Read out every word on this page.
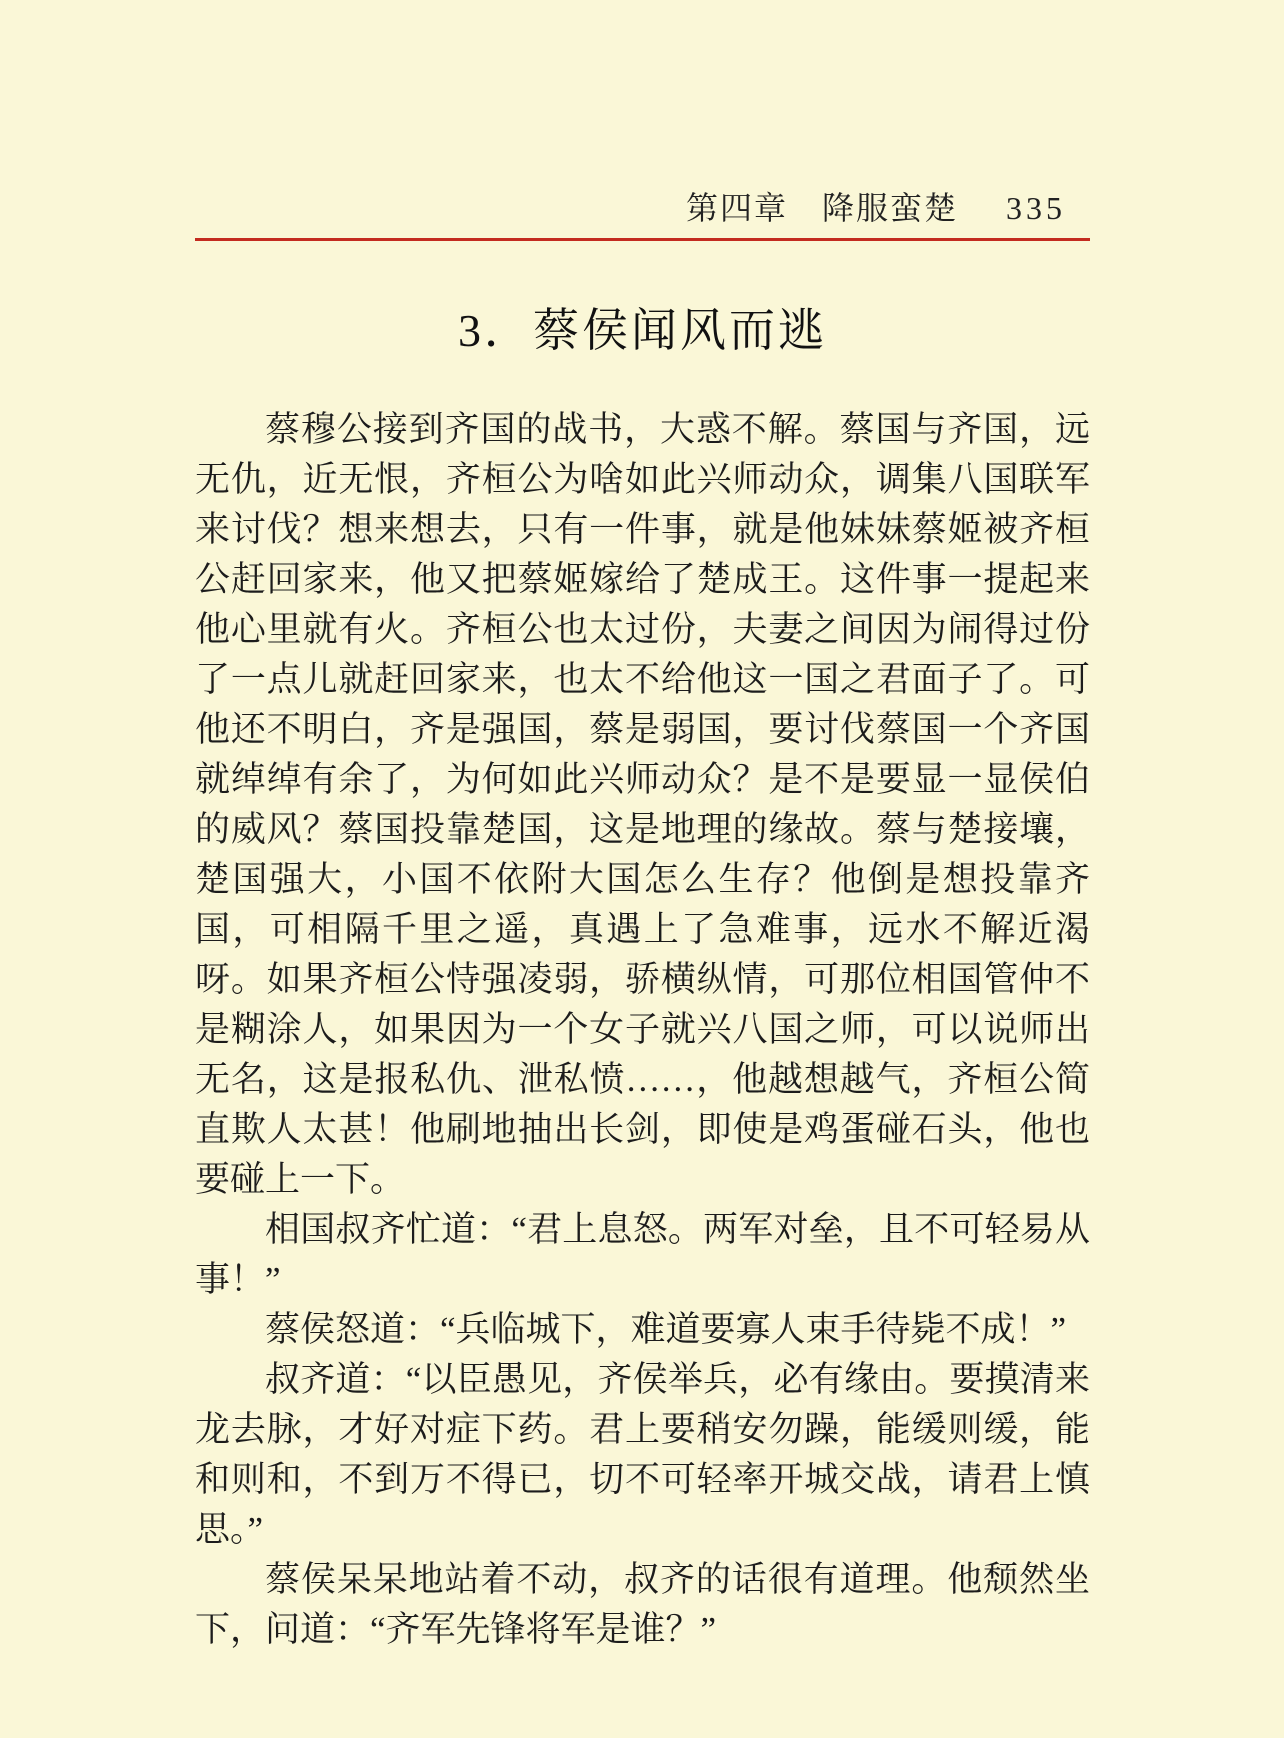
第四章　降服蛮楚 335
3．蔡侯闻风而逃

蔡穆公接到齐国的战书，大惑不解。蔡国与齐国，远无仇，近无恨，齐桓公为啥如此兴师动众，调集八国联军来讨伐？想来想去，只有一件事，就是他妹妹蔡姬被齐桓公赶回家来，他又把蔡姬嫁给了楚成王。这件事一提起来他心里就有火。齐桓公也太过份，夫妻之间因为闹得过份了一点儿就赶回家来，也太不给他这一国之君面子了。可他还不明白，齐是强国，蔡是弱国，要讨伐蔡国一个齐国就绰绰有余了，为何如此兴师动众？是不是要显一显侯伯的威风？蔡国投靠楚国，这是地理的缘故。蔡与楚接壤，楚国强大，小国不依附大国怎么生存？他倒是想投靠齐国，可相隔千里之遥，真遇上了急难事，远水不解近渴呀。如果齐桓公恃强凌弱，骄横纵情，可那位相国管仲不是糊涂人，如果因为一个女子就兴八国之师，可以说师出无名，这是报私仇、泄私愤……，他越想越气，齐桓公简直欺人太甚！他刷地抽出长剑，即使是鸡蛋碰石头，他也要碰上一下。

相国叔齐忙道：“君上息怒。两军对垒，且不可轻易从事！”

蔡侯怒道：“兵临城下，难道要寡人束手待毙不成！”

叔齐道：“以臣愚见，齐侯举兵，必有缘由。要摸清来龙去脉，才好对症下药。君上要稍安勿躁，能缓则缓，能和则和，不到万不得已，切不可轻率开城交战，请君上慎思。”

蔡侯呆呆地站着不动，叔齐的话很有道理。他颓然坐下，问道：“齐军先锋将军是谁？”
